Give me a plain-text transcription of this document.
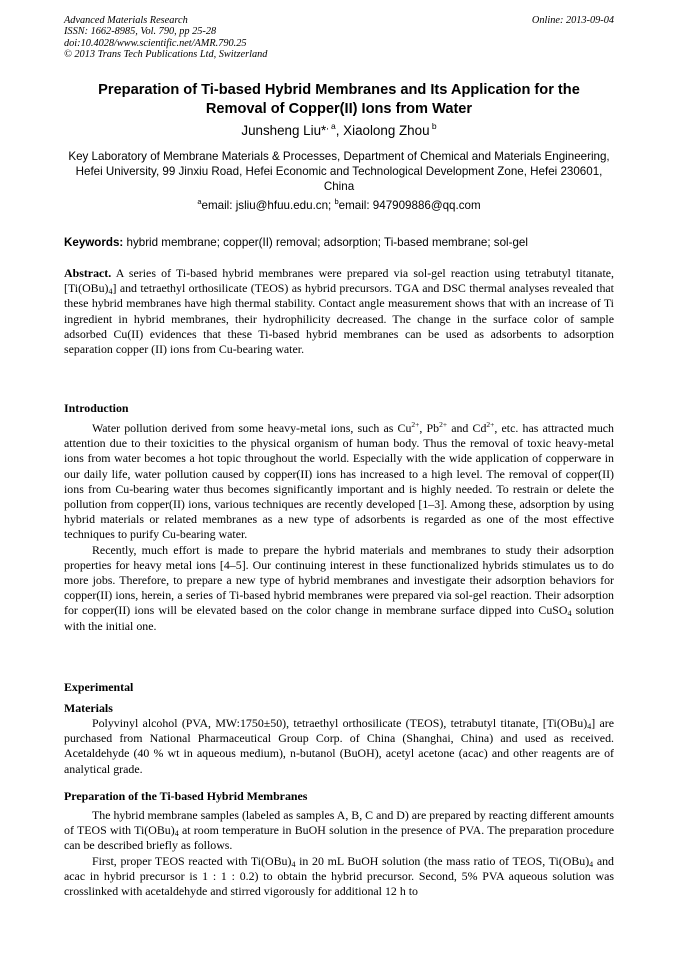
Advanced Materials Research
ISSN: 1662-8985, Vol. 790, pp 25-28
doi:10.4028/www.scientific.net/AMR.790.25
© 2013 Trans Tech Publications Ltd, Switzerland
Online: 2013-09-04
Preparation of Ti-based Hybrid Membranes and Its Application for the
Removal of Copper(II) Ions from Water
Junsheng Liu*$^{, a}$, Xiaolong Zhou $^b$
Key Laboratory of Membrane Materials & Processes, Department of Chemical and Materials Engineering, Hefei University, 99 Jinxiu Road, Hefei Economic and Technological Development Zone, Hefei 230601, China
$^a$email: jsliu@hfuu.edu.cn; $^b$email: 947909886@qq.com
Keywords: hybrid membrane; copper(II) removal; adsorption; Ti-based membrane; sol-gel

Abstract. A series of Ti-based hybrid membranes were prepared via sol-gel reaction using tetrabutyl titanate, $[Ti(OBu)_4]$ and tetraethyl orthosilicate (TEOS) as hybrid precursors. TGA and DSC thermal analyses revealed that these hybrid membranes have high thermal stability. Contact angle measurement shows that with an increase of Ti ingredient in hybrid membranes, their hydrophilicity decreased. The change in the surface color of sample adsorbed Cu(II) evidences that these Ti-based hybrid membranes can be used as adsorbents to adsorption separation copper (II) ions from Cu-bearing water.

Introduction

Water pollution derived from some heavy-metal ions, such as $Cu^{2+}$, $Pb^{2+}$ and $Cd^{2+}$, etc. has attracted much attention due to their toxicities to the physical organism of human body. Thus the removal of toxic heavy-metal ions from water becomes a hot topic throughout the world. Especially with the wide application of copperware in our daily life, water pollution caused by copper(II) ions has increased to a high level. The removal of copper(II) ions from Cu-bearing water thus becomes significantly important and is highly needed. To restrain or delete the pollution from copper(II) ions, various techniques are recently developed [1–3]. Among these, adsorption by using hybrid materials or related membranes as a new type of adsorbents is regarded as one of the most effective techniques to purify Cu-bearing water.

Recently, much effort is made to prepare the hybrid materials and membranes to study their adsorption properties for heavy metal ions [4–5]. Our continuing interest in these functionalized hybrids stimulates us to do more jobs. Therefore, to prepare a new type of hybrid membranes and investigate their adsorption behaviors for copper(II) ions, herein, a series of Ti-based hybrid membranes were prepared via sol-gel reaction. Their adsorption for copper(II) ions will be elevated based on the color change in membrane surface dipped into CuSO$_4$ solution with the initial one.

Experimental
Materials

Polyvinyl alcohol (PVA, MW:1750±50), tetraethyl orthosilicate (TEOS), tetrabutyl titanate, $[Ti(OBu)_4]$ are purchased from National Pharmaceutical Group Corp. of China (Shanghai, China) and used as received. Acetaldehyde (40 % wt in aqueous medium), n-butanol (BuOH), acetyl acetone (acac) and other reagents are of analytical grade.

Preparation of the Ti-based Hybrid Membranes

The hybrid membrane samples (labeled as samples A, B, C and D) are prepared by reacting different amounts of TEOS with $Ti(OBu)_4$ at room temperature in BuOH solution in the presence of PVA. The preparation procedure can be described briefly as follows.

First, proper TEOS reacted with $Ti(OBu)_4$ in 20 mL BuOH solution (the mass ratio of TEOS, $Ti(OBu)_4$ and acac in hybrid precursor is 1 : 1 : 0.2) to obtain the hybrid precursor. Second, 5% PVA aqueous solution was crosslinked with acetaldehyde and stirred vigorously for additional 12 h to
